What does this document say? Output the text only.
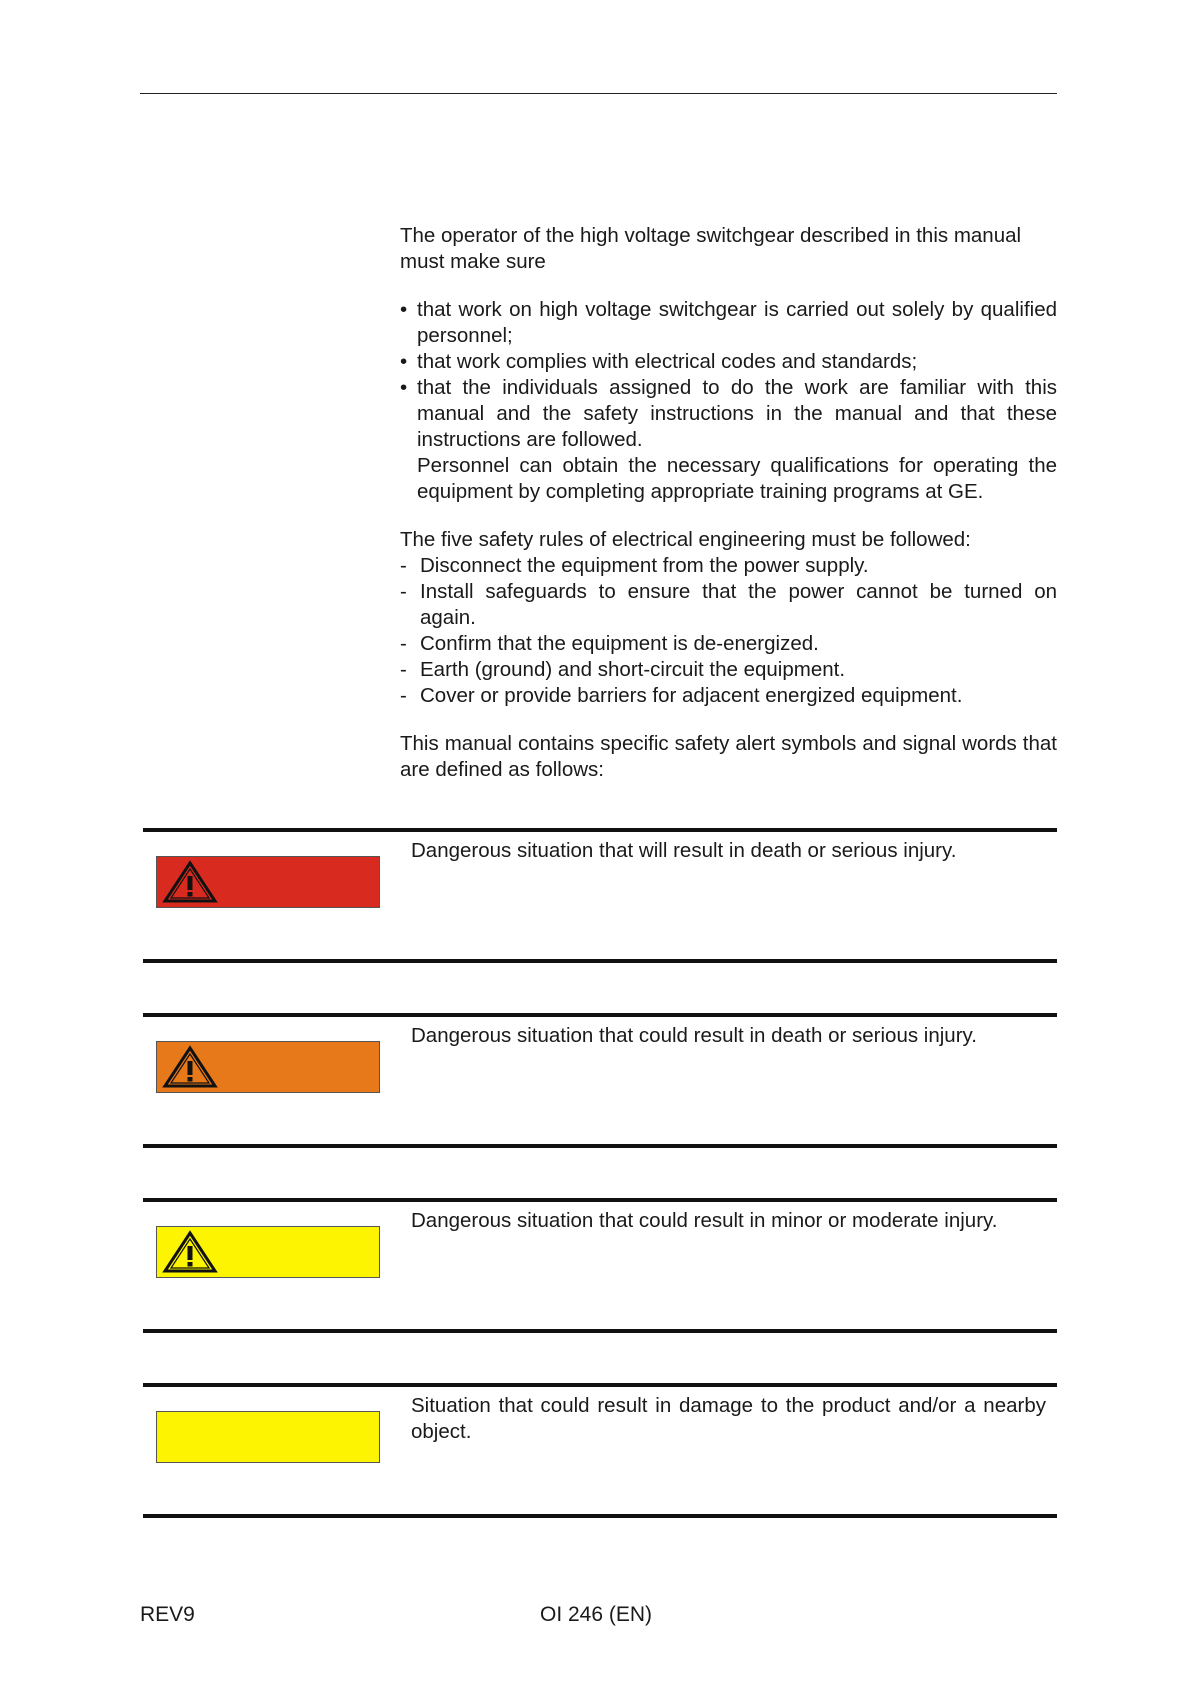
The operator of the high voltage switchgear described in this manual must make sure

• that work on high voltage switchgear is carried out solely by qualified personnel;
• that work complies with electrical codes and standards;
• that the individuals assigned to do the work are familiar with this manual and the safety instructions in the manual and that these instructions are followed.

Personnel can obtain the necessary qualifications for operating the equipment by completing appropriate training programs at GE.

The five safety rules of electrical engineering must be followed:

- Disconnect the equipment from the power supply.
- Install safeguards to ensure that the power cannot be turned on again.
- Confirm that the equipment is de-energized.
- Earth (ground) and short-circuit the equipment.
- Cover or provide barriers for adjacent energized equipment.

This manual contains specific safety alert symbols and signal words that are defined as follows:

Dangerous situation that will result in death or serious injury.
Dangerous situation that could result in death or serious injury.
Dangerous situation that could result in minor or moderate injury.
Situation that could result in damage to the product and/or a nearby object.
REV9	OI 246 (EN)
